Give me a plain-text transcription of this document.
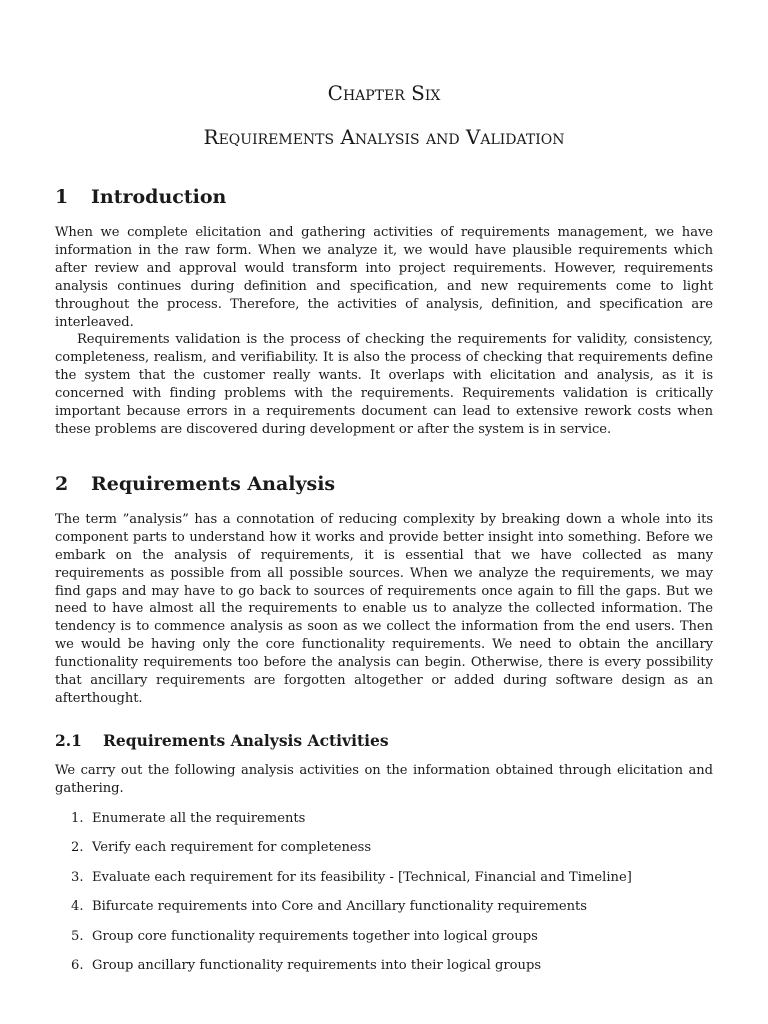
Chapter Six
Requirements Analysis and Validation
1 Introduction

When we complete elicitation and gathering activities of requirements management, we have information in the raw form. When we analyze it, we would have plausible requirements which after review and approval would transform into project requirements. However, requirements analysis continues during definition and specification, and new requirements come to light throughout the process. Therefore, the activities of analysis, definition, and specification are interleaved.

Requirements validation is the process of checking the requirements for validity, consistency, completeness, realism, and verifiability. It is also the process of checking that requirements define the system that the customer really wants. It overlaps with elicitation and analysis, as it is concerned with finding problems with the requirements. Requirements validation is critically important because errors in a requirements document can lead to extensive rework costs when these problems are discovered during development or after the system is in service.

2 Requirements Analysis

The term ”analysis” has a connotation of reducing complexity by breaking down a whole into its component parts to understand how it works and provide better insight into something. Before we embark on the analysis of requirements, it is essential that we have collected as many requirements as possible from all possible sources. When we analyze the requirements, we may find gaps and may have to go back to sources of requirements once again to fill the gaps. But we need to have almost all the requirements to enable us to analyze the collected information. The tendency is to commence analysis as soon as we collect the information from the end users. Then we would be having only the core functionality requirements. We need to obtain the ancillary functionality requirements too before the analysis can begin. Otherwise, there is every possibility that ancillary requirements are forgotten altogether or added during software design as an afterthought.

2.1 Requirements Analysis Activities

We carry out the following analysis activities on the information obtained through elicitation and gathering.

1. Enumerate all the requirements
2. Verify each requirement for completeness
3. Evaluate each requirement for its feasibility - [Technical, Financial and Timeline]
4. Bifurcate requirements into Core and Ancillary functionality requirements
5. Group core functionality requirements together into logical groups
6. Group ancillary functionality requirements into their logical groups
